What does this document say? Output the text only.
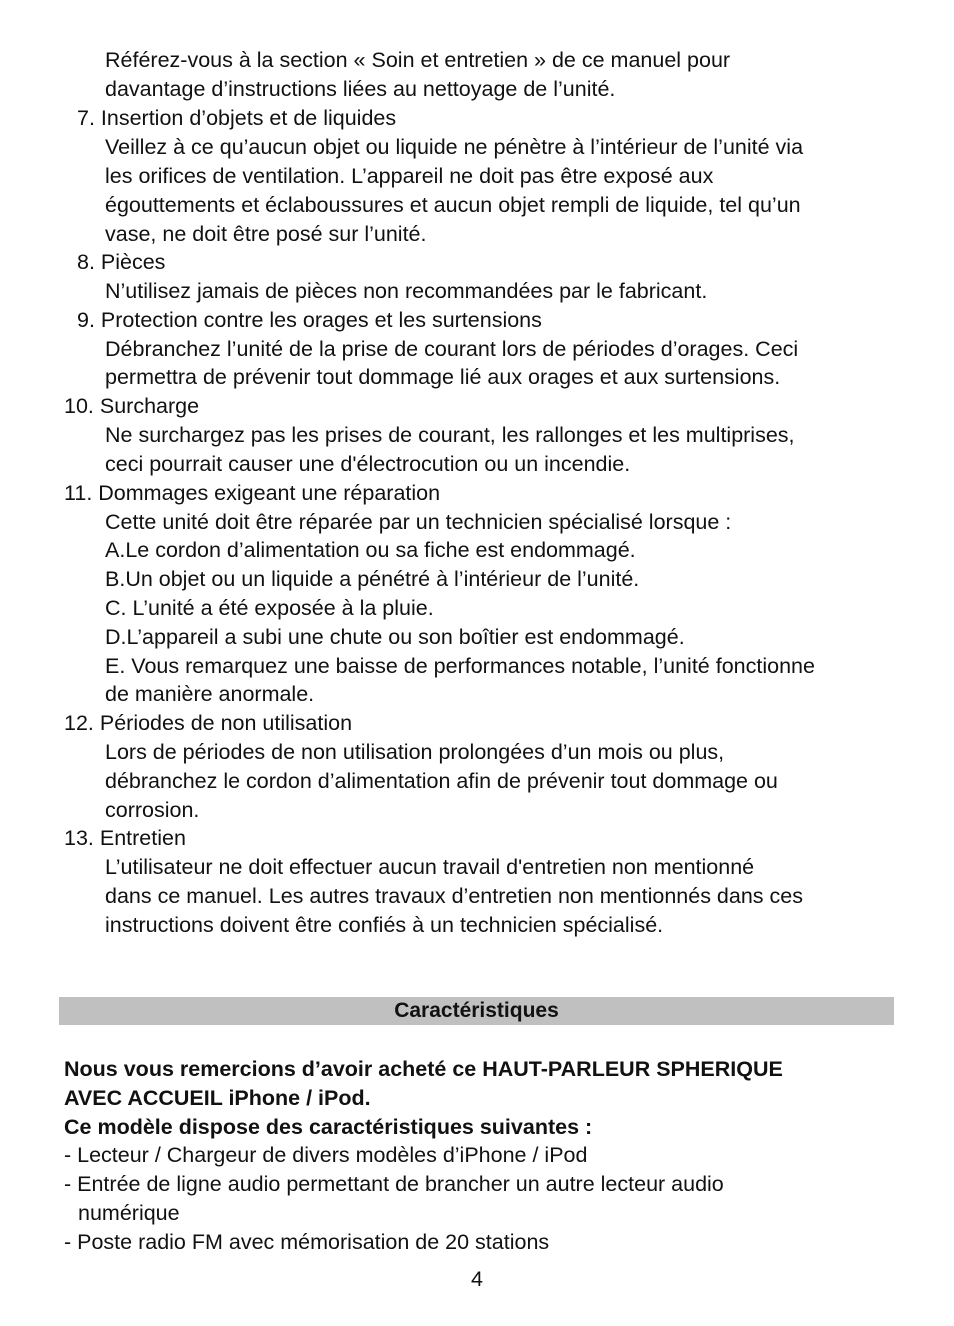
Référez-vous à la section « Soin et entretien » de ce manuel pour
davantage d’instructions liées au nettoyage de l’unité.
7. Insertion d’objets et de liquides
Veillez à ce qu’aucun objet ou liquide ne pénètre à l’intérieur de l’unité via
les orifices de ventilation. L’appareil ne doit pas être exposé aux
égouttements et éclaboussures et aucun objet rempli de liquide, tel qu’un
vase, ne doit être posé sur l’unité.
8. Pièces
N’utilisez jamais de pièces non recommandées par le fabricant.
9. Protection contre les orages et les surtensions
Débranchez l’unité de la prise de courant lors de périodes d’orages. Ceci
permettra de prévenir tout dommage lié aux orages et aux surtensions.
10. Surcharge
Ne surchargez pas les prises de courant, les rallonges et les multiprises,
ceci pourrait causer une d'électrocution ou un incendie.
11. Dommages exigeant une réparation
Cette unité doit être réparée par un technicien spécialisé lorsque :
A.Le cordon d’alimentation ou sa fiche est endommagé.
B.Un objet ou un liquide a pénétré à l’intérieur de l’unité.
C. L’unité a été exposée à la pluie.
D.L’appareil a subi une chute ou son boîtier est endommagé.
E. Vous remarquez une baisse de performances notable, l’unité fonctionne
de manière anormale.
12. Périodes de non utilisation
Lors de périodes de non utilisation prolongées d’un mois ou plus,
débranchez le cordon d’alimentation afin de prévenir tout dommage ou
corrosion.
13. Entretien
L’utilisateur ne doit effectuer aucun travail d'entretien non mentionné
dans ce manuel. Les autres travaux d’entretien non mentionnés dans ces
instructions doivent être confiés à un technicien spécialisé.
Caractéristiques
Nous vous remercions d’avoir acheté ce HAUT-PARLEUR SPHERIQUE
AVEC ACCUEIL iPhone / iPod.
Ce modèle dispose des caractéristiques suivantes :
- Lecteur / Chargeur de divers modèles d’iPhone / iPod
- Entrée de ligne audio permettant de brancher un autre lecteur audio
numérique
- Poste radio FM avec mémorisation de 20 stations
4
